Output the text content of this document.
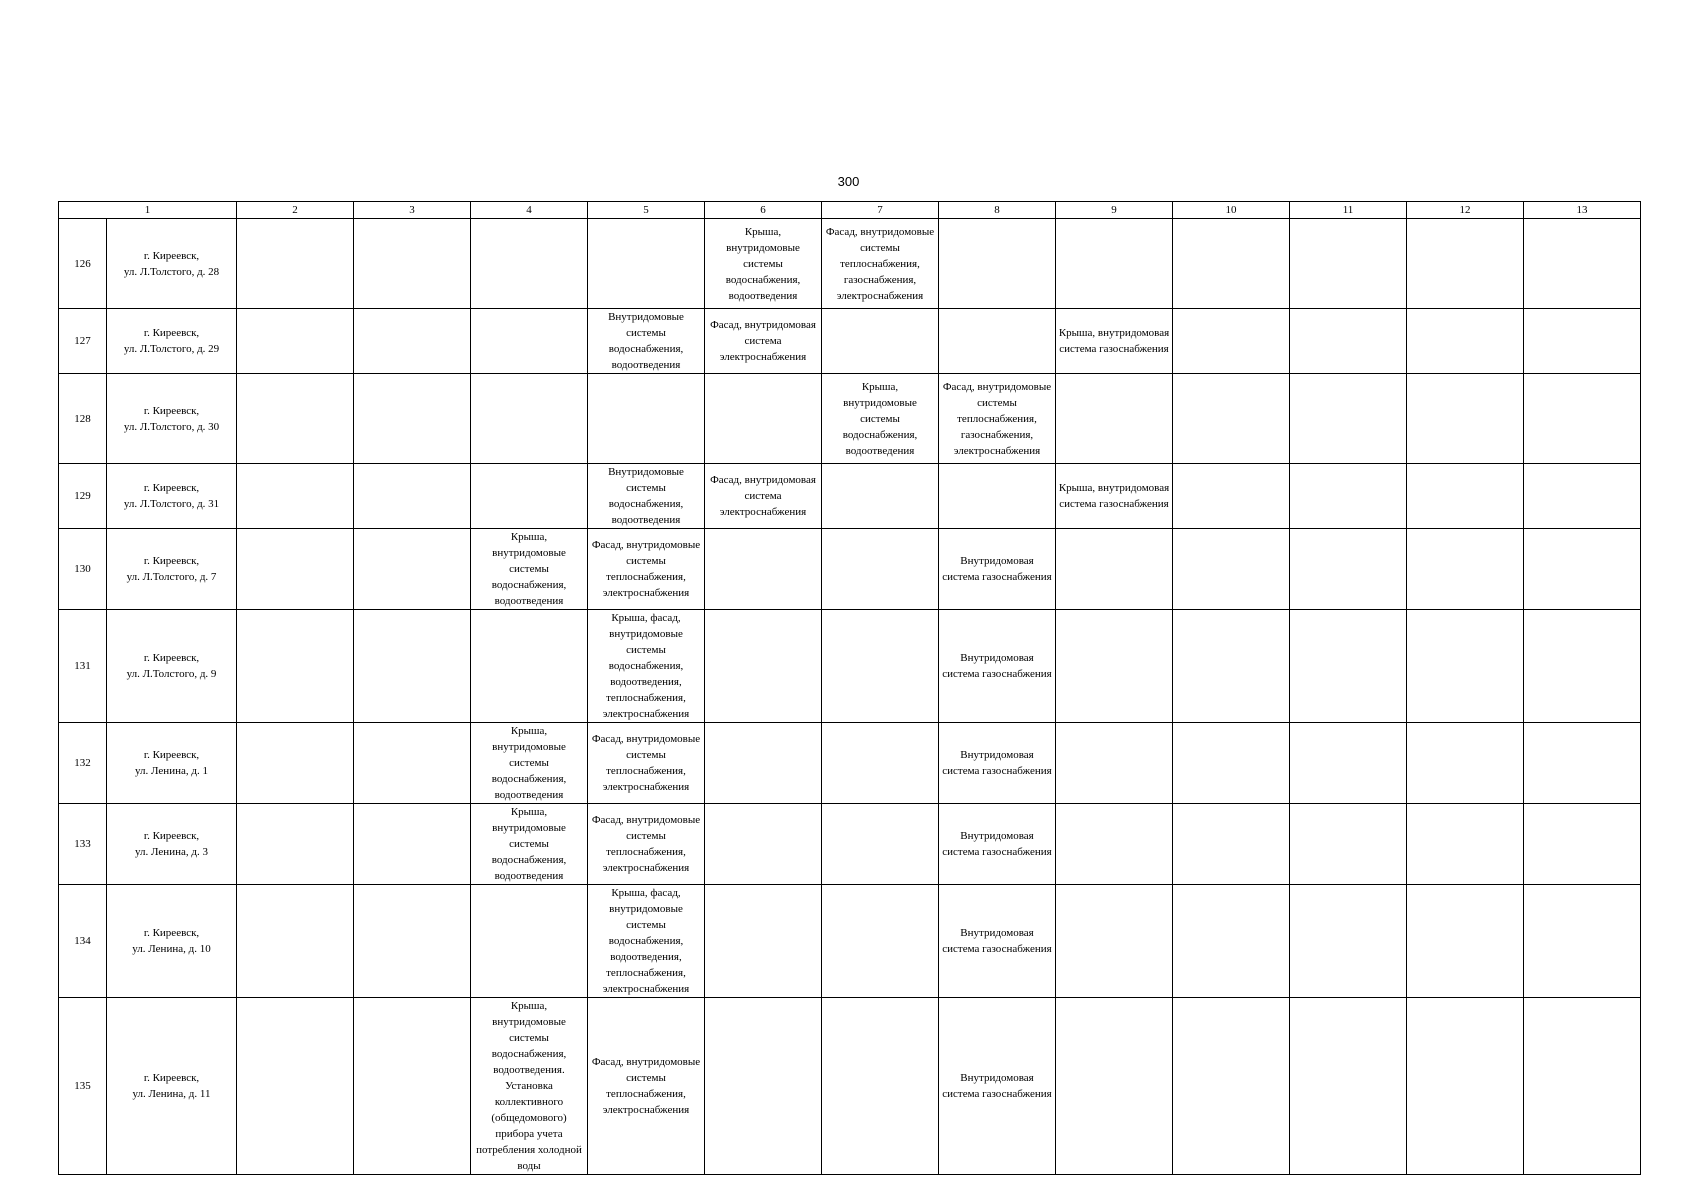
300
1		2	3	4	5	6	7	8	9	10	11	12	13
126	г. Киреевск,
ул. Л.Толстого, д. 28					Крыша, внутридомовые системы водоснабжения, водоотведения	Фасад, внутридомовые системы теплоснабжения, газоснабжения, электроснабжения						
127	г. Киреевск,
ул. Л.Толстого, д. 29				Внутридомовые системы водоснабжения, водоотведения	Фасад, внутридомовая система электроснабжения			Крыша, внутридомовая система газоснабжения				
128	г. Киреевск,
ул. Л.Толстого, д. 30						Крыша, внутридомовые системы водоснабжения, водоотведения	Фасад, внутридомовые системы теплоснабжения, газоснабжения, электроснабжения					
129	г. Киреевск,
ул. Л.Толстого, д. 31				Внутридомовые системы водоснабжения, водоотведения	Фасад, внутридомовая система электроснабжения			Крыша, внутридомовая система газоснабжения				
130	г. Киреевск,
ул. Л.Толстого, д. 7			Крыша, внутридомовые системы водоснабжения, водоотведения	Фасад, внутридомовые системы теплоснабжения, электроснабжения			Внутридомовая система газоснабжения					
131	г. Киреевск,
ул. Л.Толстого, д. 9				Крыша, фасад, внутридомовые системы водоснабжения, водоотведения, теплоснабжения, электроснабжения			Внутридомовая система газоснабжения					
132	г. Киреевск,
ул. Ленина, д. 1			Крыша, внутридомовые системы водоснабжения, водоотведения	Фасад, внутридомовые системы теплоснабжения, электроснабжения			Внутридомовая система газоснабжения					
133	г. Киреевск,
ул. Ленина, д. 3			Крыша, внутридомовые системы водоснабжения, водоотведения	Фасад, внутридомовые системы теплоснабжения, электроснабжения			Внутридомовая система газоснабжения					
134	г. Киреевск,
ул. Ленина, д. 10				Крыша, фасад, внутридомовые системы водоснабжения, водоотведения, теплоснабжения, электроснабжения			Внутридомовая система газоснабжения					
135	г. Киреевск,
ул. Ленина, д. 11			Крыша, внутридомовые системы водоснабжения, водоотведения. Установка коллективного (общедомового) прибора учета потребления холодной воды	Фасад, внутридомовые системы теплоснабжения, электроснабжения			Внутридомовая система газоснабжения					
